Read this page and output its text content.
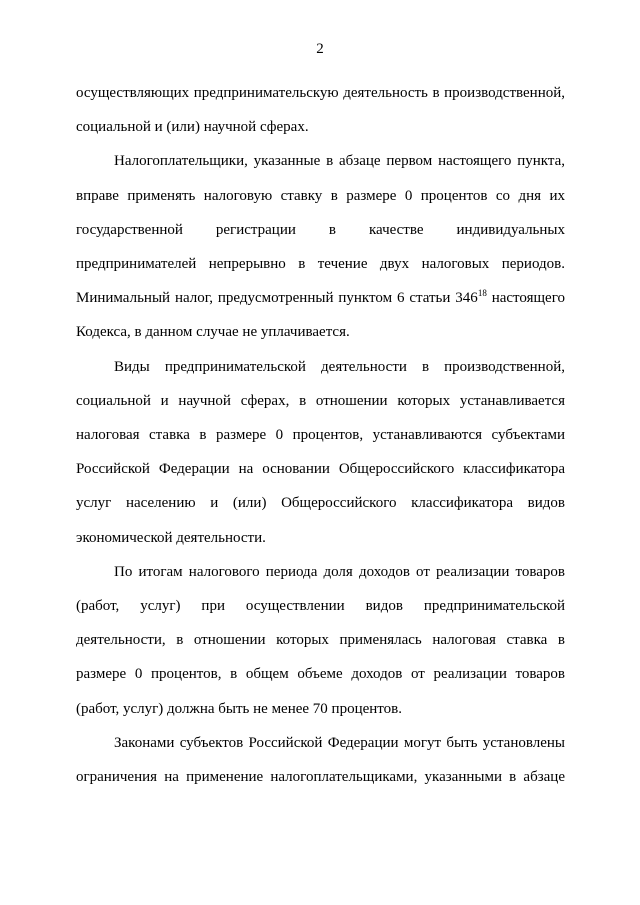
2
осуществляющих предпринимательскую деятельность в производственной,
социальной и (или) научной сферах.
Налогоплательщики, указанные в абзаце первом настоящего пункта,
вправе применять налоговую ставку в размере 0 процентов со дня их
государственной регистрации в качестве индивидуальных
предпринимателей непрерывно в течение двух налоговых периодов.
Минимальный налог, предусмотренный пунктом 6 статьи $346^{18}$ настоящего
Кодекса, в данном случае не уплачивается.
Виды предпринимательской деятельности в производственной,
социальной и научной сферах, в отношении которых устанавливается
налоговая ставка в размере 0 процентов, устанавливаются субъектами
Российской Федерации на основании Общероссийского классификатора
услуг населению и (или) Общероссийского классификатора видов
экономической деятельности.
По итогам налогового периода доля доходов от реализации товаров
(работ, услуг) при осуществлении видов предпринимательской
деятельности, в отношении которых применялась налоговая ставка в
размере 0 процентов, в общем объеме доходов от реализации товаров
(работ, услуг) должна быть не менее 70 процентов.
Законами субъектов Российской Федерации могут быть установлены
ограничения на применение налогоплательщиками, указанными в абзаце
